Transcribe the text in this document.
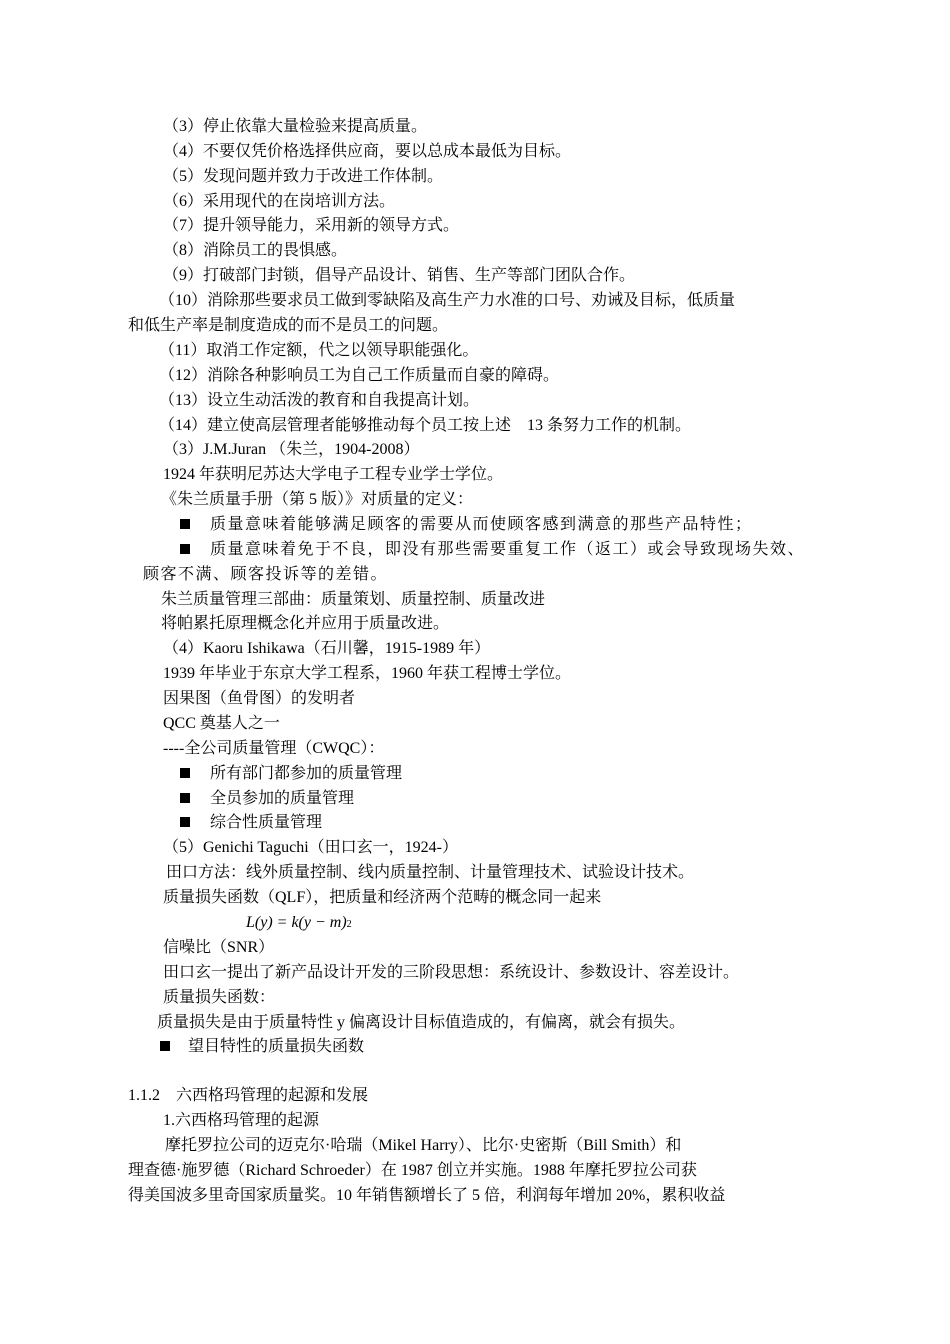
（3）停止依靠大量检验来提高质量。
（4）不要仅凭价格选择供应商，要以总成本最低为目标。
（5）发现问题并致力于改进工作体制。
（6）采用现代的在岗培训方法。
（7）提升领导能力，采用新的领导方式。
（8）消除员工的畏惧感。
（9）打破部门封锁，倡导产品设计、销售、生产等部门团队合作。
（10）消除那些要求员工做到零缺陷及高生产力水准的口号、劝诫及目标，低质量
和低生产率是制度造成的而不是员工的问题。
（11）取消工作定额，代之以领导职能强化。
（12）消除各种影响员工为自己工作质量而自豪的障碍。
（13）设立生动活泼的教育和自我提高计划。
（14）建立使高层管理者能够推动每个员工按上述　13 条努力工作的机制。
（3）J.M.Juran （朱兰，1904-2008）
1924 年获明尼苏达大学电子工程专业学士学位。
《朱兰质量手册（第 5 版）》对质量的定义：
质量意味着能够满足顾客的需要从而使顾客感到满意的那些产品特性；
质量意味着免于不良，即没有那些需要重复工作（返工）或会导致现场失效、
顾客不满、顾客投诉等的差错。
朱兰质量管理三部曲：质量策划、质量控制、质量改进
将帕累托原理概念化并应用于质量改进。
（4）Kaoru Ishikawa（石川馨，1915-1989 年）
1939 年毕业于东京大学工程系，1960 年获工程博士学位。
因果图（鱼骨图）的发明者
QCC 奠基人之一
----全公司质量管理（CWQC）：
所有部门都参加的质量管理
全员参加的质量管理
综合性质量管理
（5）Genichi Taguchi（田口玄一，1924-）
田口方法：线外质量控制、线内质量控制、计量管理技术、试验设计技术。
质量损失函数（QLF），把质量和经济两个范畴的概念同一起来
L(y) = k(y − m)2
信噪比（SNR）
田口玄一提出了新产品设计开发的三阶段思想：系统设计、参数设计、容差设计。
质量损失函数：
质量损失是由于质量特性 y 偏离设计目标值造成的，有偏离，就会有损失。
望目特性的质量损失函数
1.1.2　六西格玛管理的起源和发展
1.六西格玛管理的起源
摩托罗拉公司的迈克尔·哈瑞（Mikel Harry）、比尔·史密斯（Bill Smith）和
理查德·施罗德（Richard Schroeder）在 1987 创立并实施。1988 年摩托罗拉公司获
得美国波多里奇国家质量奖。10 年销售额增长了 5 倍，利润每年增加 20%，累积收益
